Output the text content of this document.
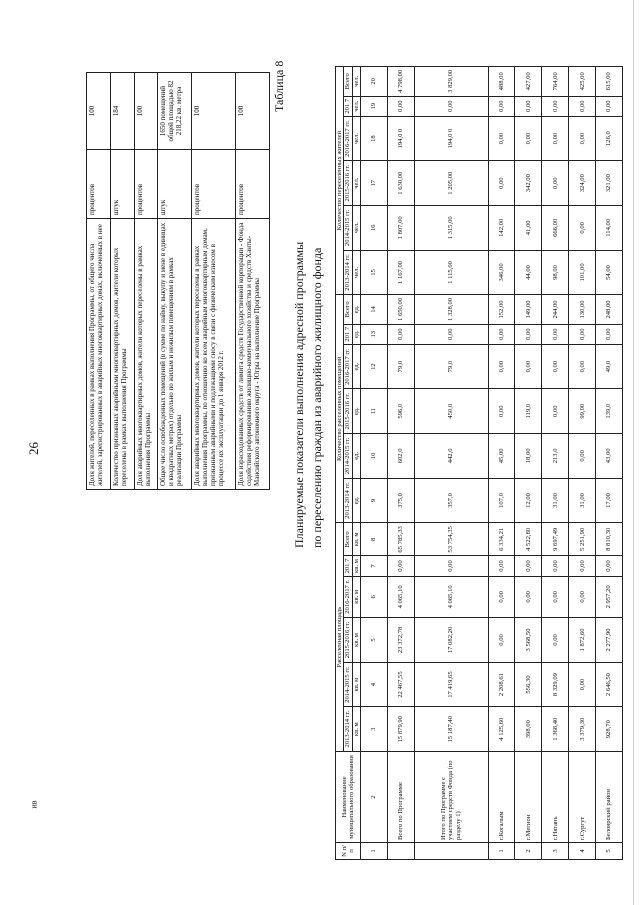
26
ив
Доля жителей, переселенных в рамках выполнения Программы, от общего числа жителей, зарегистрированных в аварийных многоквартирных домах, включенных в нее	процентов	100
Количество признанных аварийными многоквартирных домов, жители которых переселены в рамках выполнения Программы	штук	184
Доля аварийных многоквартирных домов, жители которых переселены в рамках выполнения Программы	процентов	100
Общее число освобожденных помещений (в сумме по найму, выкупу и мене в единицах и квадратных метрах) отдельно по жилым и нежилым помещениям в рамках реализации Программы	штук	1650 помещений общей площадью 82 218,22 кв. метра
Доля аварийных многоквартирных домов, жители которых переселены в рамках выполнения Программы, по отношению ко всем аварийным многоквартирным домам, признанным аварийными и подлежащими сносу в связи с физическим износом в процессе их эксплуатации до 1 января 2012 г.	процентов	100
Доля израсходованных средств от лимита средств Государственной корпорации - Фонда содействия реформированию жилищно-коммунального хозяйства и средств Ханты-Мансийского автономного округа - Югры на выполнение Программы	процентов	100 Таблица 8
Планируемые показатели выполнения адресной программы по переселению граждан из аварийного жилищного фонда
N п/п	Наименование муниципального образования	Расселенная площадь						Количество расселенных помещений						Количество переселенных жителей					
		2013-2014 гг.	2014-2015 гг.	2015-2016 гг.	2016-2017 г.	201 7	Всего	2013-2014 гг.	2014-2015 гг.	2015-2016 гг.	2016-2017 гг.	201 7	Всего	2013-2014 гг.	2014-2015 гг.	2015-2016 гг.	2016-2017 гг.	201 7	Всего
		кв. м	кв. м	кв. м	кв. м	кв. м	кв. м	ед.	ед.	ед.	ед.	ед.	ед.	чел.	чел.	чел.	чел.	чел.	чел.
1	2	3	4	5	6	7	8	9	10	11	12	13	14	15	16	17	18	19	20
	Всего по Программе	15 879,90	22 467,55	23 372,78	4 065,10	0,00	65 785,33	375,0	602,0	596,0	79,0	0,00	1 650,00	1 167,00	1 807,00	1 630,00	194,0 0	0,00	4 798,00
	Итого по Программе с участием средств Фонда (по разделу 1)	15 187,40	17 419,65	17 082,20	4 065,10	0,00	53 754,35	357,0	442,0	450,0	79,0	0,00	1 328,00	1 115,00	1 315,00	1 205,00	194,0 0	0,00	3 829,00
1	г.Когалым	4 125,60	2 208,61	0,00	0,00	0,00	6 334,21	107,0	45,00	0,00	0,00	0,00	152,00	346,00	142,00	0,00	0,00	0,00	488,00
2	г.Мегион	398,00	556,30	3 568,50	0,00	0,00	4 522,80	12,00	18,00	119,0	0,00	0,00	149,00	44,00	41,00	342,00	0,00	0,00	427,00
3	г.Нягань	1 368,40	8 329,09	0,00	0,00	0,00	9 697,49	31,00	213,0	0,00	0,00	0,00	244,00	98,00	666,00	0,00	0,00	0,00	764,00
4	г.Сургут	3 379,30	0,00	1 872,60	0,00	0,00	5 251,90	31,00	0,00	99,00	0,00	0,00	130,00	101,00	0,00	324,00	0,00	0,00	425,00
5	Белоярский район	928,70	2 646,50	2 277,90	2 957,20	0,00	8 810,30	17,00	43,00	139,0	49,0	0,00	248,00	54,00	114,00	321,00	126,0	0,00	615,00
